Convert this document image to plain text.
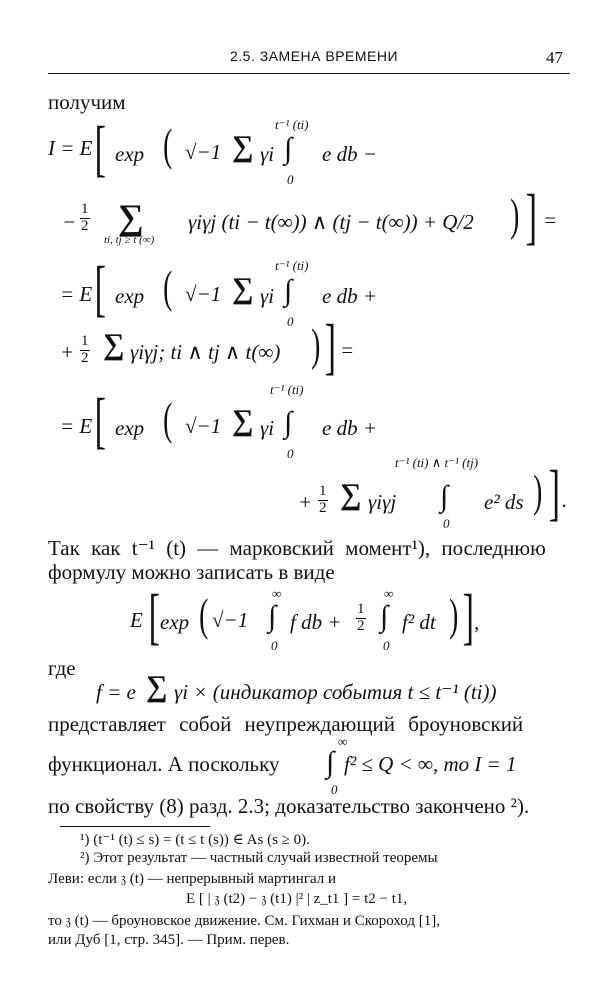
2.5. ЗАМЕНА ВРЕМЕНИ	47
получим
I = E [ exp ( √−1 ∑ γi
t⁻¹ (ti)
∫
0
e db −
− $\frac{1}{2}$ ∑
ti, tj ≥ t (∞)
γiγj (ti − t(∞)) ∧ (tj − t(∞)) + Q/2 ) ] =
= E [ exp ( √−1 ∑ γi
t⁻¹ (ti)
∫
0
e db +
+ $\frac{1}{2}$ ∑ γiγj; ti ∧ tj ∧ t(∞) ) ] =
= E [ exp ( √−1 ∑ γi
t⁻¹ (ti)
∫
0
e db +
+ $\frac{1}{2}$ ∑ γiγj
t⁻¹ (ti) ∧ t⁻¹ (tj)
∫
0
e² ds ) ] .
Так как t⁻¹ (t) — марковский момент¹), последнюю
формулу можно записать в виде
E [ exp ( √−1
∞
∫
0
f db + $\frac{1}{2}$
∞
∫
0
f² dt ) ] ,
где
f = e ∑ γi × (индикатор события t ≤ t⁻¹ (ti))
представляет собой неупреждающий броуновский
функционал. А поскольку
∞
∫
0
f² ≤ Q < ∞, то I = 1
по свойству (8) разд. 2.3; доказательство закончено ²).
¹) (t⁻¹ (t) ≤ s) = (t ≤ t (s)) ∈ As (s ≥ 0).
²) Этот результат — частный случай известной теоремы
Леви: если 𝔷 (t) — непрерывный мартингал и
E [ | 𝔷 (t2) − 𝔷 (t1) |² | z_t1 ] = t2 − t1,
то 𝔷 (t) — броуновское движение. См. Гихман и Скороход [1],
или Дуб [1, стр. 345]. — Прим. перев.
